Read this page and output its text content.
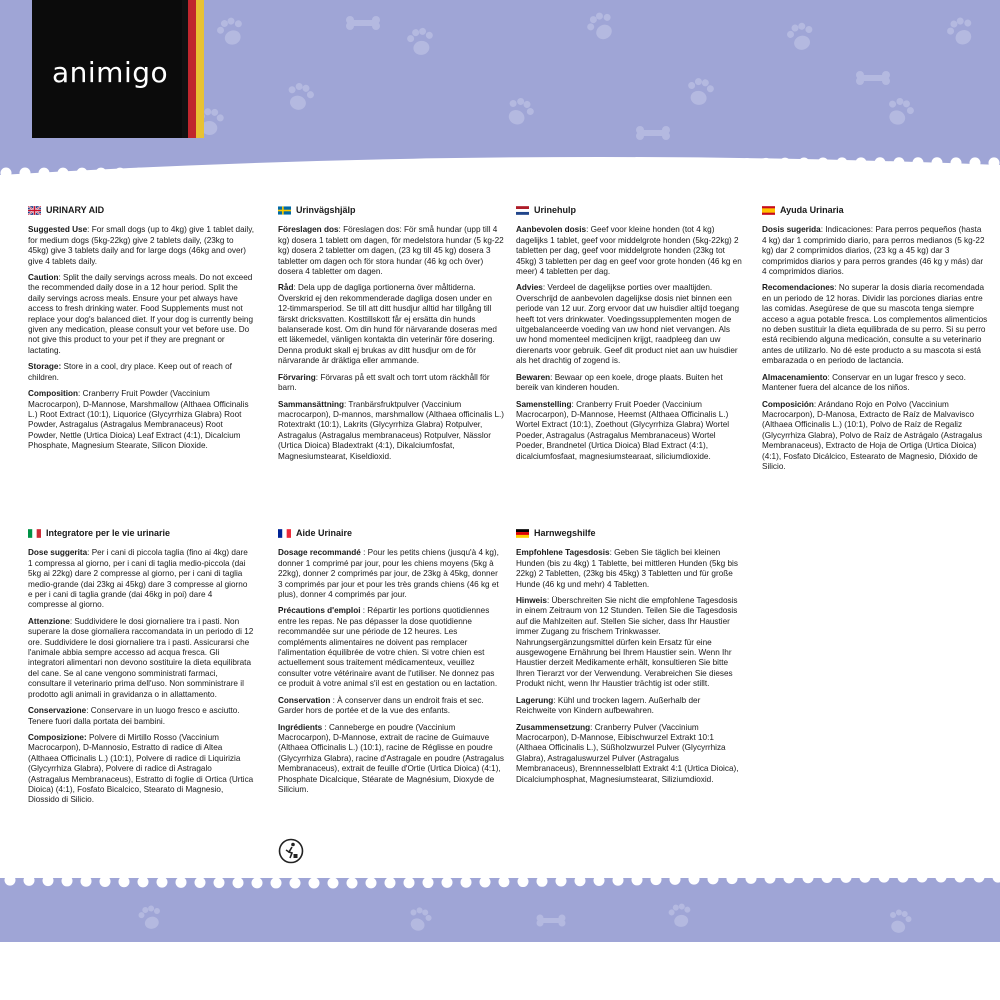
animigo
URINARY AID

Suggested Use: For small dogs (up to 4kg) give 1 tablet daily, for medium dogs (5kg-22kg) give 2 tablets daily, (23kg to 45kg) give 3 tablets daily and for large dogs (46kg and over) give 4 tablets daily.

Caution: Split the daily servings across meals. Do not exceed the recommended daily dose in a 12 hour period. Split the daily servings across meals. Ensure your pet always have access to fresh drinking water. Food Supplements must not replace your dog's balanced diet. If your dog is currently being given any medication, please consult your vet before use. Do not give this product to your pet if they are pregnant or lactating.

Storage: Store in a cool, dry place. Keep out of reach of children.

Composition: Cranberry Fruit Powder (Vaccinium Macrocarpon), D-Mannose, Marshmallow (Althaea Officinalis L.) Root Extract (10:1), Liquorice (Glycyrrhiza Glabra) Root Powder, Astragalus (Astragalus Membranaceus) Root Powder, Nettle (Urtica Dioica) Leaf Extract (4:1), Dicalcium Phosphate, Magnesium Stearate, Silicon Dioxide.

Urinvägshjälp

Föreslagen dos: Föreslagen dos: För små hundar (upp till 4 kg) dosera 1 tablett om dagen, för medelstora hundar (5 kg-22 kg) dosera 2 tabletter om dagen, (23 kg till 45 kg) dosera 3 tabletter om dagen och för stora hundar (46 kg och över) dosera 4 tabletter om dagen.

Råd: Dela upp de dagliga portionerna över måltiderna. Överskrid ej den rekommenderade dagliga dosen under en 12-timmarsperiod. Se till att ditt husdjur alltid har tillgång till färskt dricksvatten. Kosttillskott får ej ersätta din hunds balanserade kost. Om din hund för närvarande doseras med ett läkemedel, vänligen kontakta din veterinär före dosering. Denna produkt skall ej brukas av ditt husdjur om de för närvarande är dräktiga eller ammande.

Förvaring: Förvaras på ett svalt och torrt utom räckhåll för barn.

Sammansättning: Tranbärsfruktpulver (Vaccinium macrocarpon), D-mannos, marshmallow (Althaea officinalis L.) Rotextrakt (10:1), Lakrits (Glycyrrhiza Glabra) Rotpulver, Astragalus (Astragalus membranaceus) Rotpulver, Nässlor (Urtica Dioica) Bladextrakt (4:1), Dikalciumfosfat, Magnesiumstearat, Kiseldioxid.

Urinehulp

Aanbevolen dosis: Geef voor kleine honden (tot 4 kg) dagelijks 1 tablet, geef voor middelgrote honden (5kg-22kg) 2 tabletten per dag, geef voor middelgrote honden (23kg tot 45kg) 3 tabletten per dag en geef voor grote honden (46 kg en meer) 4 tabletten per dag.

Advies: Verdeel de dagelijkse porties over maaltijden. Overschrijd de aanbevolen dagelijkse dosis niet binnen een periode van 12 uur. Zorg ervoor dat uw huisdier altijd toegang heeft tot vers drinkwater. Voedingssupplementen mogen de uitgebalanceerde voeding van uw hond niet vervangen. Als uw hond momenteel medicijnen krijgt, raadpleeg dan uw dierenarts voor gebruik. Geef dit product niet aan uw huisdier als het drachtig of zogend is.

Bewaren: Bewaar op een koele, droge plaats. Buiten het bereik van kinderen houden.

Samenstelling: Cranberry Fruit Poeder (Vaccinium Macrocarpon), D-Mannose, Heemst (Althaea Officinalis L.) Wortel Extract (10:1), Zoethout (Glycyrrhiza Glabra) Wortel Poeder, Astragalus (Astragalus Membranaceus) Wortel Poeder, Brandnetel (Urtica Dioica) Blad Extract (4:1), dicalciumfosfaat, magnesiumstearaat, siliciumdioxide.

Ayuda Urinaria

Dosis sugerida: Indicaciones: Para perros pequeños (hasta 4 kg) dar 1 comprimido diario, para perros medianos (5 kg-22 kg) dar 2 comprimidos diarios, (23 kg a 45 kg) dar 3 comprimidos diarios y para perros grandes (46 kg y más) dar 4 comprimidos diarios.

Recomendaciones: No superar la dosis diaria recomendada en un periodo de 12 horas. Dividir las porciones diarias entre las comidas. Asegúrese de que su mascota tenga siempre acceso a agua potable fresca. Los complementos alimenticios no deben sustituir la dieta equilibrada de su perro. Si su perro está recibiendo alguna medicación, consulte a su veterinario antes de utilizarlo. No dé este producto a su mascota si está embarazada o en periodo de lactancia.

Almacenamiento: Conservar en un lugar fresco y seco. Mantener fuera del alcance de los niños.

Composición: Arándano Rojo en Polvo (Vaccinium Macrocarpon), D-Manosa, Extracto de Raíz de Malvavisco (Althaea Officinalis L.) (10:1), Polvo de Raíz de Regaliz (Glycyrrhiza Glabra), Polvo de Raíz de Astrágalo (Astragalus Membranaceus), Extracto de Hoja de Ortiga (Urtica Dioica) (4:1), Fosfato Dicálcico, Estearato de Magnesio, Dióxido de Silicio.

Integratore per le vie urinarie

Dose suggerita: Per i cani di piccola taglia (fino ai 4kg) dare 1 compressa al giorno, per i cani di taglia medio-piccola (dai 5kg ai 22kg) dare 2 compresse al giorno, per i cani di taglia medio-grande (dai 23kg ai 45kg) dare 3 compresse al giorno e per i cani di taglia grande (dai 46kg in poi) dare 4 compresse al giorno.

Attenzione: Suddividere le dosi giornaliere tra i pasti. Non superare la dose giornaliera raccomandata in un periodo di 12 ore. Suddividere le dosi giornaliere tra i pasti. Assicurarsi che l'animale abbia sempre accesso ad acqua fresca. Gli integratori alimentari non devono sostituire la dieta equilibrata del cane. Se al cane vengono somministrati farmaci, consultare il veterinario prima dell'uso. Non somministrare il prodotto agli animali in gravidanza o in allattamento.

Conservazione: Conservare in un luogo fresco e asciutto. Tenere fuori dalla portata dei bambini.

Composizione: Polvere di Mirtillo Rosso (Vaccinium Macrocarpon), D-Mannosio, Estratto di radice di Altea (Althaea Officinalis L.) (10:1), Polvere di radice di Liquirizia (Glycyrrhiza Glabra), Polvere di radice di Astragalo (Astragalus Membranaceus), Estratto di foglie di Ortica (Urtica Dioica) (4:1), Fosfato Bicalcico, Stearato di Magnesio, Diossido di Silicio.

Aide Urinaire

Dosage recommandé : Pour les petits chiens (jusqu'à 4 kg), donner 1 comprimé par jour, pour les chiens moyens (5kg à 22kg), donner 2 comprimés par jour, de 23kg à 45kg, donner 3 comprimés par jour et pour les très grands chiens (46 kg et plus), donner 4 comprimés par jour.

Précautions d'emploi : Répartir les portions quotidiennes entre les repas. Ne pas dépasser la dose quotidienne recommandée sur une période de 12 heures. Les compléments alimentaires ne doivent pas remplacer l'alimentation équilibrée de votre chien. Si votre chien est actuellement sous traitement médicamenteux, veuillez consulter votre vétérinaire avant de l'utiliser. Ne donnez pas ce produit à votre animal s'il est en gestation ou en lactation.

Conservation : À conserver dans un endroit frais et sec. Garder hors de portée et de la vue des enfants.

Ingrédients : Canneberge en poudre (Vaccinium Macrocarpon), D-Mannose, extrait de racine de Guimauve (Althaea Officinalis L.) (10:1), racine de Réglisse en poudre (Glycyrrhiza Glabra), racine d'Astragale en poudre (Astragalus Membranaceus), extrait de feuille d'Ortie (Urtica Dioica) (4:1), Phosphate Dicalcique, Stéarate de Magnésium, Dioxyde de Silicium.

Harnwegshilfe

Empfohlene Tagesdosis: Geben Sie täglich bei kleinen Hunden (bis zu 4kg) 1 Tablette, bei mittleren Hunden (5kg bis 22kg) 2 Tabletten, (23kg bis 45kg) 3 Tabletten und für große Hunde (46 kg und mehr) 4 Tabletten.

Hinweis: Überschreiten Sie nicht die empfohlene Tagesdosis in einem Zeitraum von 12 Stunden. Teilen Sie die Tagesdosis auf die Mahlzeiten auf. Stellen Sie sicher, dass Ihr Haustier immer Zugang zu frischem Trinkwasser. Nahrungsergänzungsmittel dürfen kein Ersatz für eine ausgewogene Ernährung bei Ihrem Haustier sein. Wenn Ihr Haustier derzeit Medikamente erhält, konsultieren Sie bitte Ihren Tierarzt vor der Verwendung. Verabreichen Sie dieses Produkt nicht, wenn Ihr Haustier trächtig ist oder stillt.

Lagerung: Kühl und trocken lagern. Außerhalb der Reichweite von Kindern aufbewahren.

Zusammensetzung: Cranberry Pulver (Vaccinium Macrocarpon), D-Mannose, Eibischwurzel Extrakt 10:1 (Althaea Officinalis L.), Süßholzwurzel Pulver (Glycyrrhiza Glabra), Astragaluswurzel Pulver (Astragalus Membranaceus), Brennnesselblatt Extrakt 4:1 (Urtica Dioica), Dicalciumphosphat, Magnesiumstearat, Siliziumdioxid.
